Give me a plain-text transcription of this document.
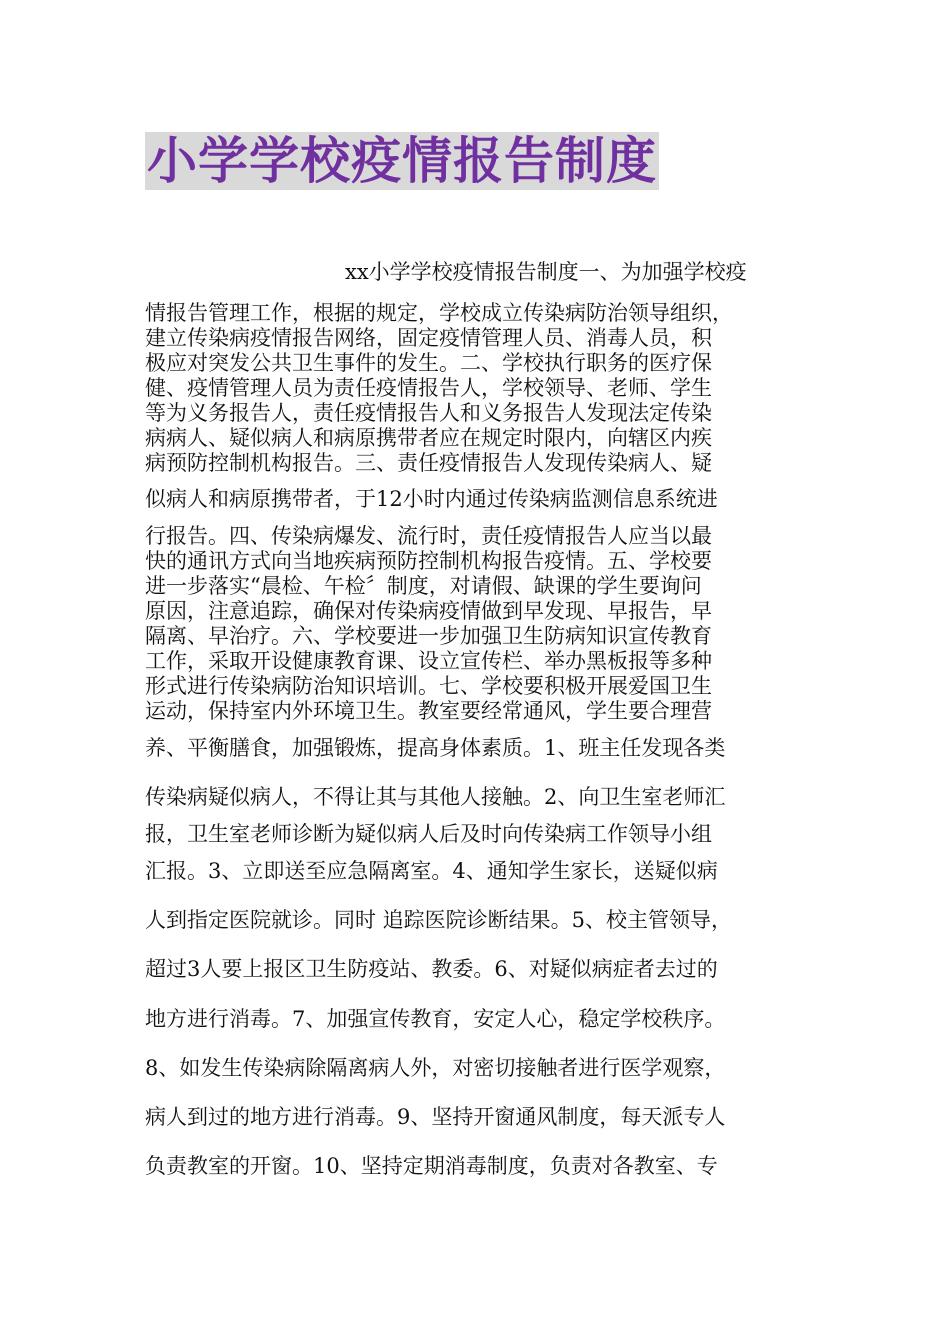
小学学校疫情报告制度
xx小学学校疫情报告制度一、为加强学校疫
情报告管理工作，根据的规定，学校成立传染病防治领导组织，
建立传染病疫情报告网络，固定疫情管理人员、消毒人员，积
极应对突发公共卫生事件的发生。二、学校执行职务的医疗保
健、疫情管理人员为责任疫情报告人，学校领导、老师、学生
等为义务报告人，责任疫情报告人和义务报告人发现法定传染
病病人、疑似病人和病原携带者应在规定时限内，向辖区内疾
病预防控制机构报告。三、责任疫情报告人发现传染病人、疑
似病人和病原携带者，于12小时内通过传染病监测信息系统进
行报告。四、传染病爆发、流行时，责任疫情报告人应当以最
快的通讯方式向当地疾病预防控制机构报告疫情。五、学校要
进一步落实“晨检、午检〞制度，对请假、缺课的学生要询问
原因，注意追踪，确保对传染病疫情做到早发现、早报告，早
隔离、早治疗。六、学校要进一步加强卫生防病知识宣传教育
工作，采取开设健康教育课、设立宣传栏、举办黑板报等多种
形式进行传染病防治知识培训。七、学校要积极开展爱国卫生
运动，保持室内外环境卫生。教室要经常通风，学生要合理营
养、平衡膳食，加强锻炼，提高身体素质。1、班主任发现各类
传染病疑似病人，不得让其与其他人接触。2、向卫生室老师汇
报，卫生室老师诊断为疑似病人后及时向传染病工作领导小组
汇报。3、立即送至应急隔离室。4、通知学生家长，送疑似病
人到指定医院就诊。同时 追踪医院诊断结果。5、校主管领导，
超过3人要上报区卫生防疫站、教委。6、对疑似病症者去过的
地方进行消毒。7、加强宣传教育，安定人心，稳定学校秩序。
8、如发生传染病除隔离病人外，对密切接触者进行医学观察，
病人到过的地方进行消毒。9、坚持开窗通风制度，每天派专人
负责教室的开窗。10、坚持定期消毒制度，负责对各教室、专
